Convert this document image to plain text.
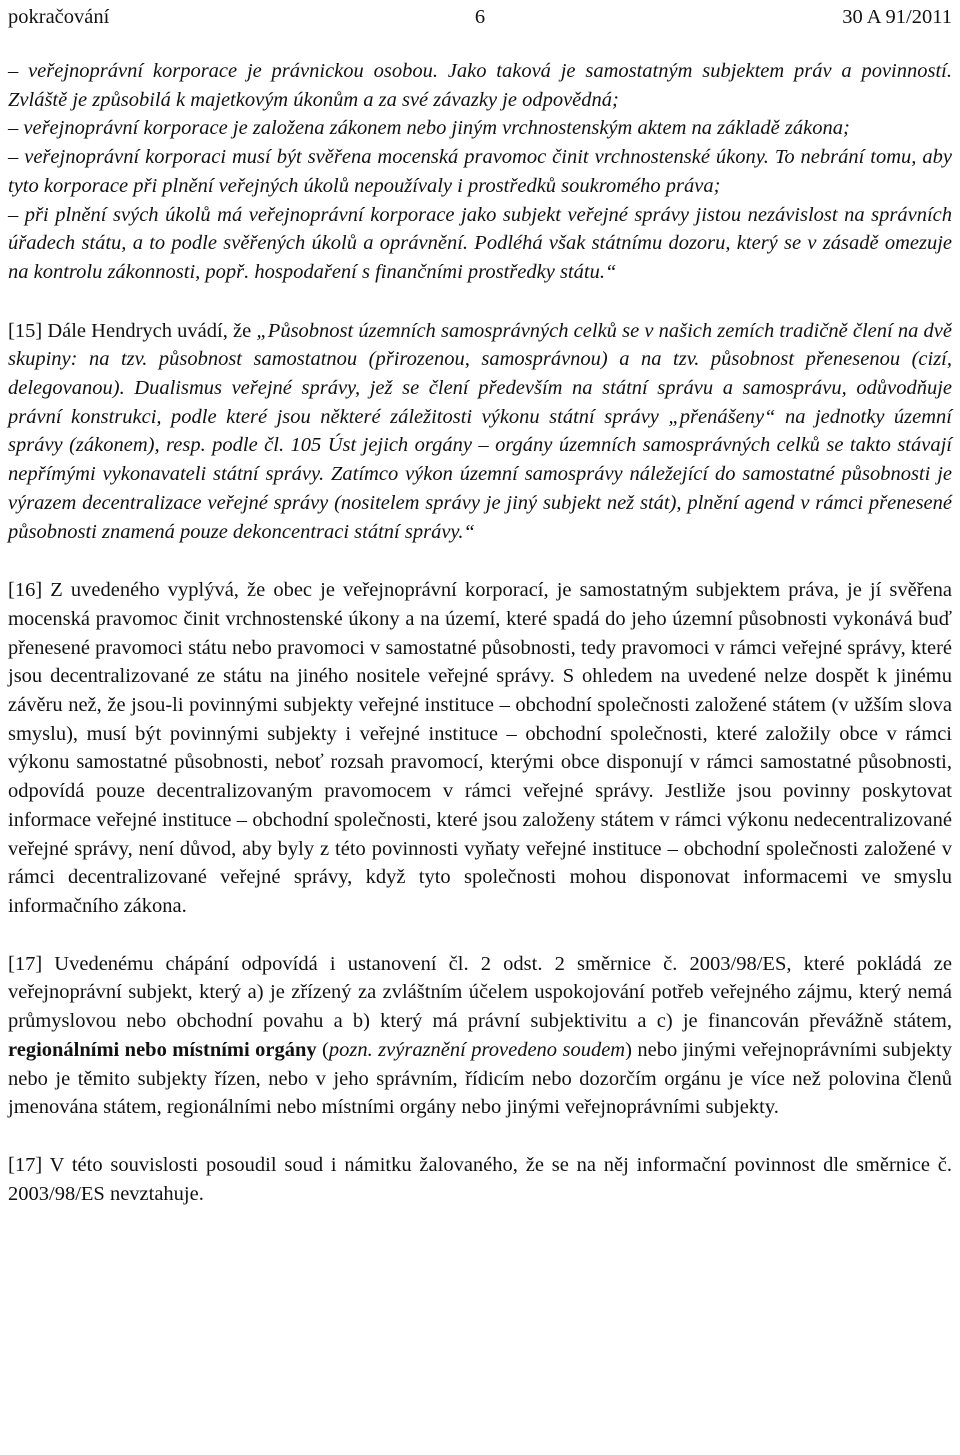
pokračování	6	30 A 91/2011

– veřejnoprávní korporace je právnickou osobou. Jako taková je samostatným subjektem práv a povinností. Zvláště je způsobilá k majetkovým úkonům a za své závazky je odpovědná;

– veřejnoprávní korporace je založena zákonem nebo jiným vrchnostenským aktem na základě zákona;

– veřejnoprávní korporaci musí být svěřena mocenská pravomoc činit vrchnostenské úkony. To nebrání tomu, aby tyto korporace při plnění veřejných úkolů nepoužívaly i prostředků soukromého práva;

– při plnění svých úkolů má veřejnoprávní korporace jako subjekt veřejné správy jistou nezávislost na správních úřadech státu, a to podle svěřených úkolů a oprávnění. Podléhá však státnímu dozoru, který se v zásadě omezuje na kontrolu zákonnosti, popř. hospodaření s finančními prostředky státu.“

[15] Dále Hendrych uvádí, že „Působnost územních samosprávných celků se v našich zemích tradičně člení na dvě skupiny: na tzv. působnost samostatnou (přirozenou, samosprávnou) a na tzv. působnost přenesenou (cizí, delegovanou). Dualismus veřejné správy, jež se člení především na státní správu a samosprávu, odůvodňuje právní konstrukci, podle které jsou některé záležitosti výkonu státní správy „přenášeny“ na jednotky územní správy (zákonem), resp. podle čl. 105 Úst jejich orgány – orgány územních samosprávných celků se takto stávají nepřímými vykonavateli státní správy. Zatímco výkon územní samosprávy náležející do samostatné působnosti je výrazem decentralizace veřejné správy (nositelem správy je jiný subjekt než stát), plnění agend v rámci přenesené působnosti znamená pouze dekoncentraci státní správy.“

[16] Z uvedeného vyplývá, že obec je veřejnoprávní korporací, je samostatným subjektem práva, je jí svěřena mocenská pravomoc činit vrchnostenské úkony a na území, které spadá do jeho územní působnosti vykonává buď přenesené pravomoci státu nebo pravomoci v samostatné působnosti, tedy pravomoci v rámci veřejné správy, které jsou decentralizované ze státu na jiného nositele veřejné správy. S ohledem na uvedené nelze dospět k jinému závěru než, že jsou-li povinnými subjekty veřejné instituce – obchodní společnosti založené státem (v užším slova smyslu), musí být povinnými subjekty i veřejné instituce – obchodní společnosti, které založily obce v rámci výkonu samostatné působnosti, neboť rozsah pravomocí, kterými obce disponují v rámci samostatné působnosti, odpovídá pouze decentralizovaným pravomocem v rámci veřejné správy. Jestliže jsou povinny poskytovat informace veřejné instituce – obchodní společnosti, které jsou založeny státem v rámci výkonu nedecentralizované veřejné správy, není důvod, aby byly z této povinnosti vyňaty veřejné instituce – obchodní společnosti založené v rámci decentralizované veřejné správy, když tyto společnosti mohou disponovat informacemi ve smyslu informačního zákona.

[17] Uvedenému chápání odpovídá i ustanovení čl. 2 odst. 2 směrnice č. 2003/98/ES, které pokládá ze veřejnoprávní subjekt, který a) je zřízený za zvláštním účelem uspokojování potřeb veřejného zájmu, který nemá průmyslovou nebo obchodní povahu a b) který má právní subjektivitu a c) je financován převážně státem, regionálními nebo místními orgány (pozn. zvýraznění provedeno soudem) nebo jinými veřejnoprávními subjekty nebo je těmito subjekty řízen, nebo v jeho správním, řídicím nebo dozorčím orgánu je více než polovina členů jmenována státem, regionálními nebo místními orgány nebo jinými veřejnoprávními subjekty.

[17] V této souvislosti posoudil soud i námitku žalovaného, že se na něj informační povinnost dle směrnice č. 2003/98/ES nevztahuje.
